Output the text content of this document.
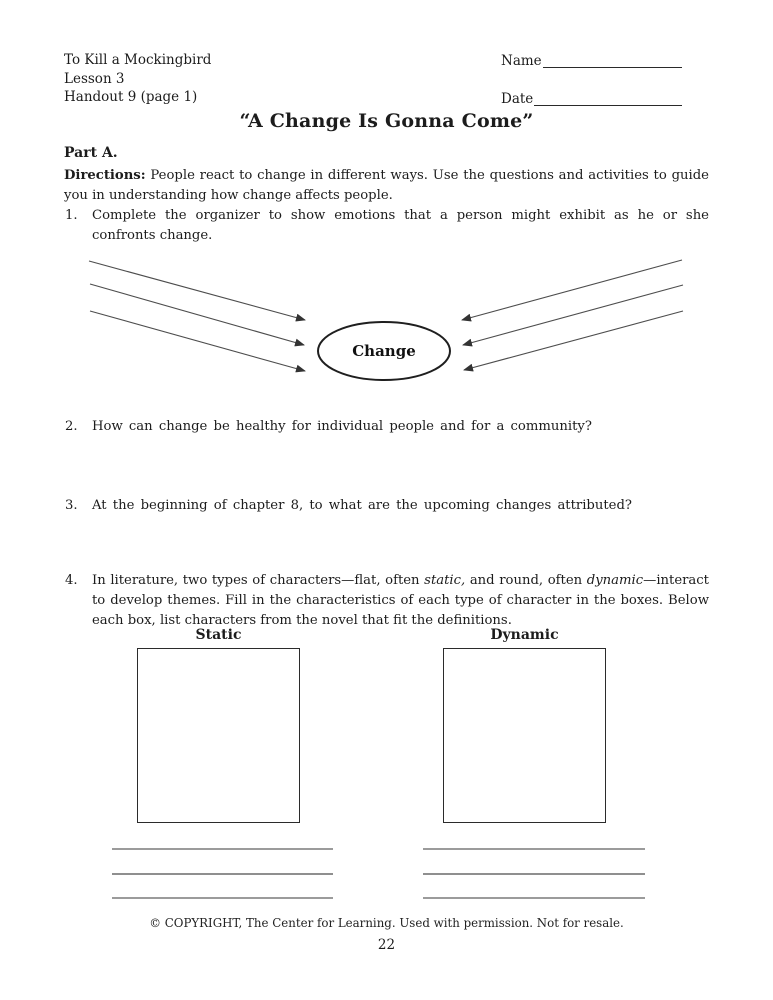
To Kill a Mockingbird
Lesson 3
Handout 9 (page 1)
Name
Date
“A Change Is Gonna Come”
Part A.

Directions: People react to change in different ways. Use the questions and activities to guide you in understanding how change affects people.

1. Complete the organizer to show emotions that a person might exhibit as he or she confronts change.
Change
2. How can change be healthy for individual people and for a community?
3. At the beginning of chapter 8, to what are the upcoming changes attributed?
4. In literature, two types of characters—flat, often static, and round, often dynamic—interact to develop themes. Fill in the characteristics of each type of character in the boxes. Below each box, list characters from the novel that fit the definitions.
Static	Dynamic
© COPYRIGHT, The Center for Learning. Used with permission. Not for resale.
22
